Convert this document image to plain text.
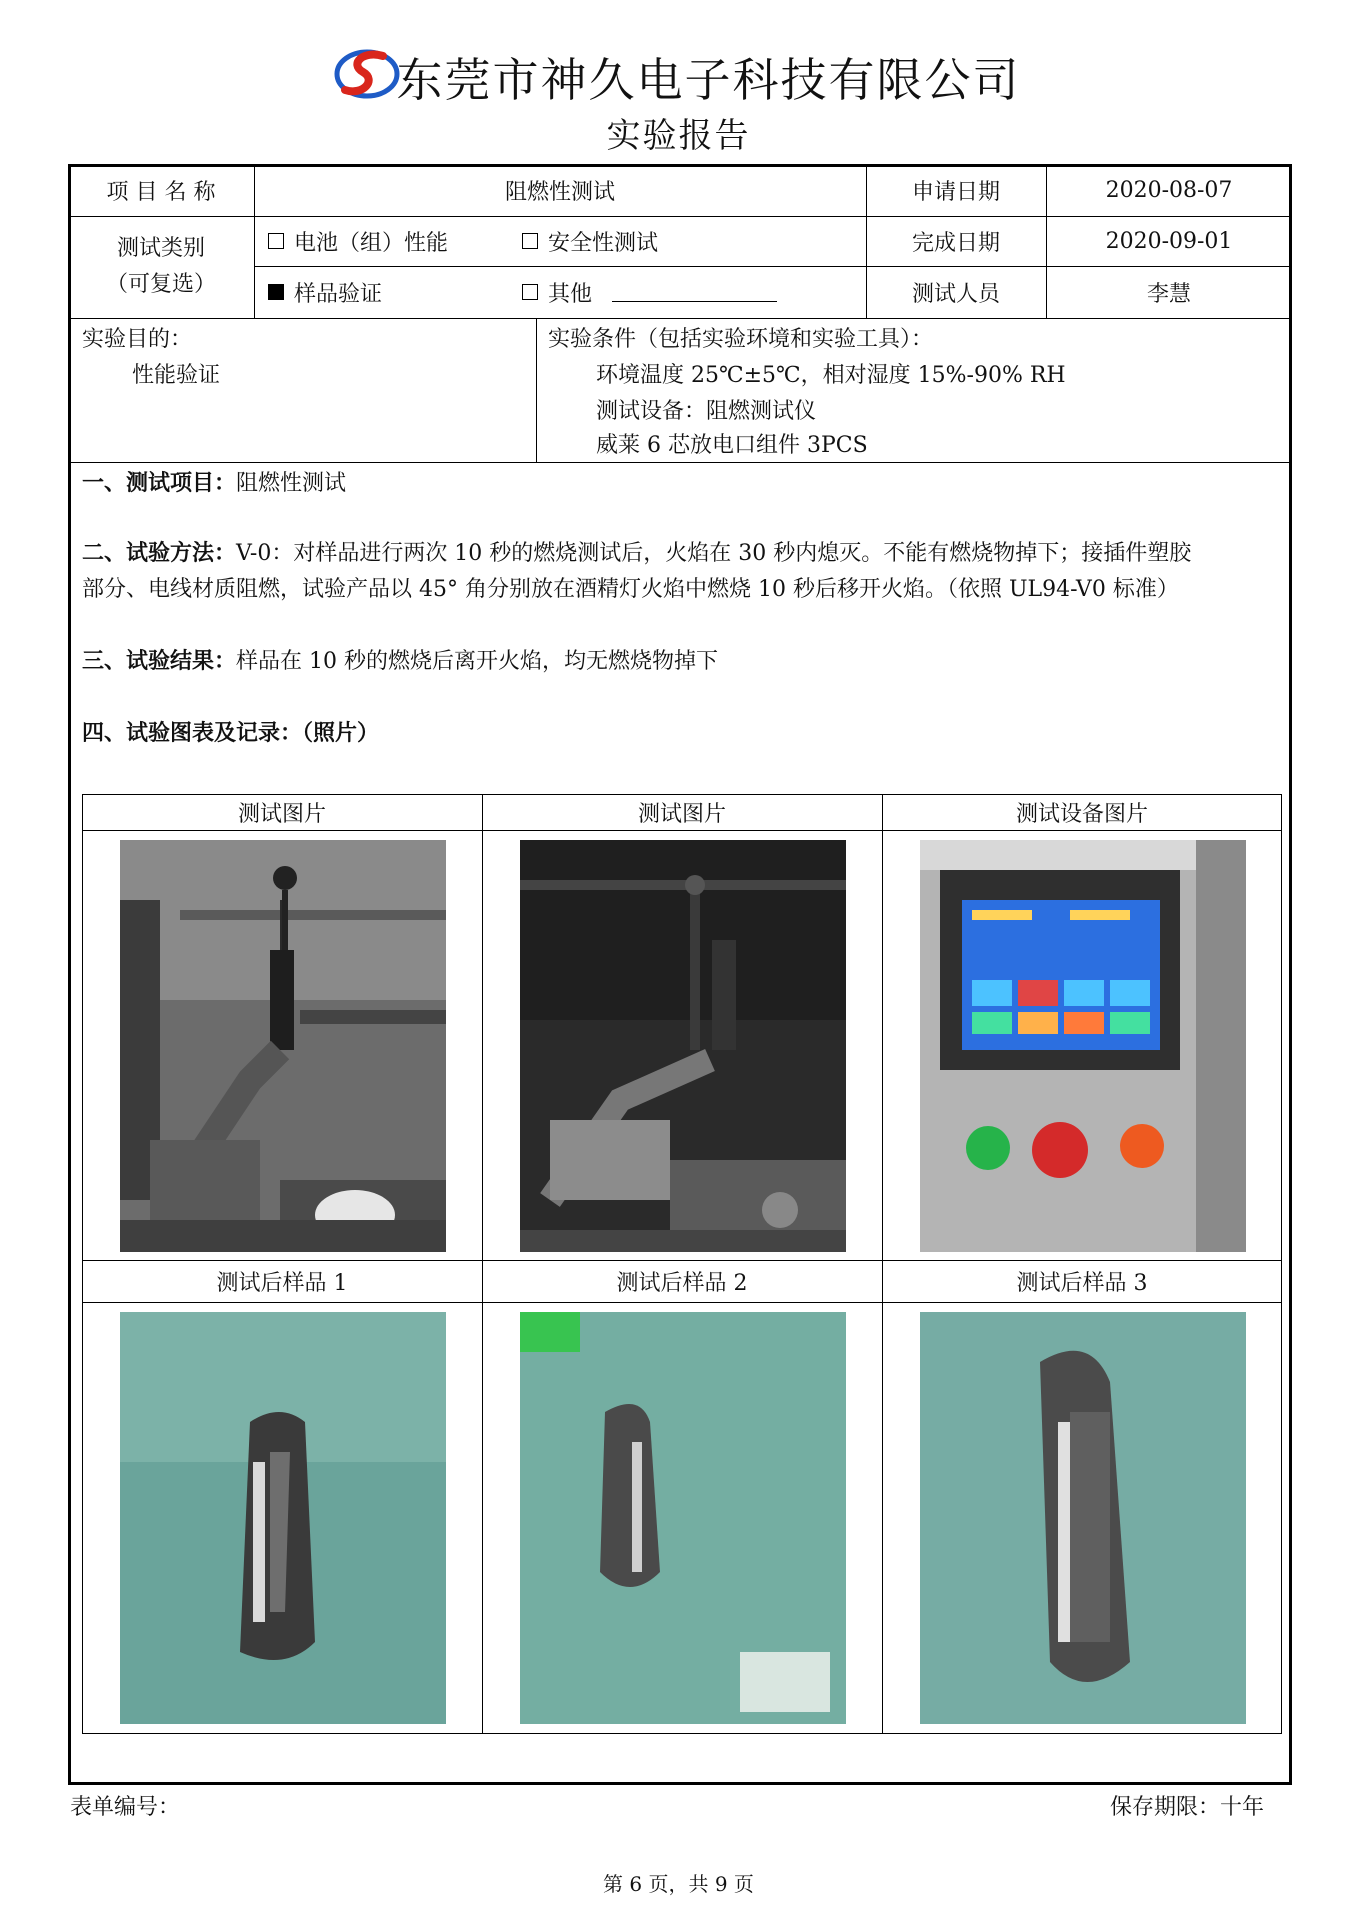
东莞市神久电子科技有限公司
实验报告
项 目 名 称	阻燃性测试	申请日期	2020-08-07
测试类别
（可复选）
电池（组）性能	安全性测试	完成日期	2020-09-01
样品验证	其他	测试人员	李慧
实验目的：
性能验证
实验条件（包括实验环境和实验工具）：
环境温度 25℃±5℃，相对湿度 15%-90% RH
测试设备：阻燃测试仪
威莱 6 芯放电口组件 3PCS
一、测试项目：阻燃性测试
二、试验方法：V-0：对样品进行两次 10 秒的燃烧测试后，火焰在 30 秒内熄灭。不能有燃烧物掉下；接插件塑胶
部分、电线材质阻燃，试验产品以 45° 角分别放在酒精灯火焰中燃烧 10 秒后移开火焰。（依照 UL94-V0 标准）
三、试验结果：样品在 10 秒的燃烧后离开火焰，均无燃烧物掉下
四、试验图表及记录：（照片）
测试图片	测试图片	测试设备图片
测试后样品 1	测试后样品 2	测试后样品 3
表单编号：	保存期限：十年
第 6 页，共 9 页
